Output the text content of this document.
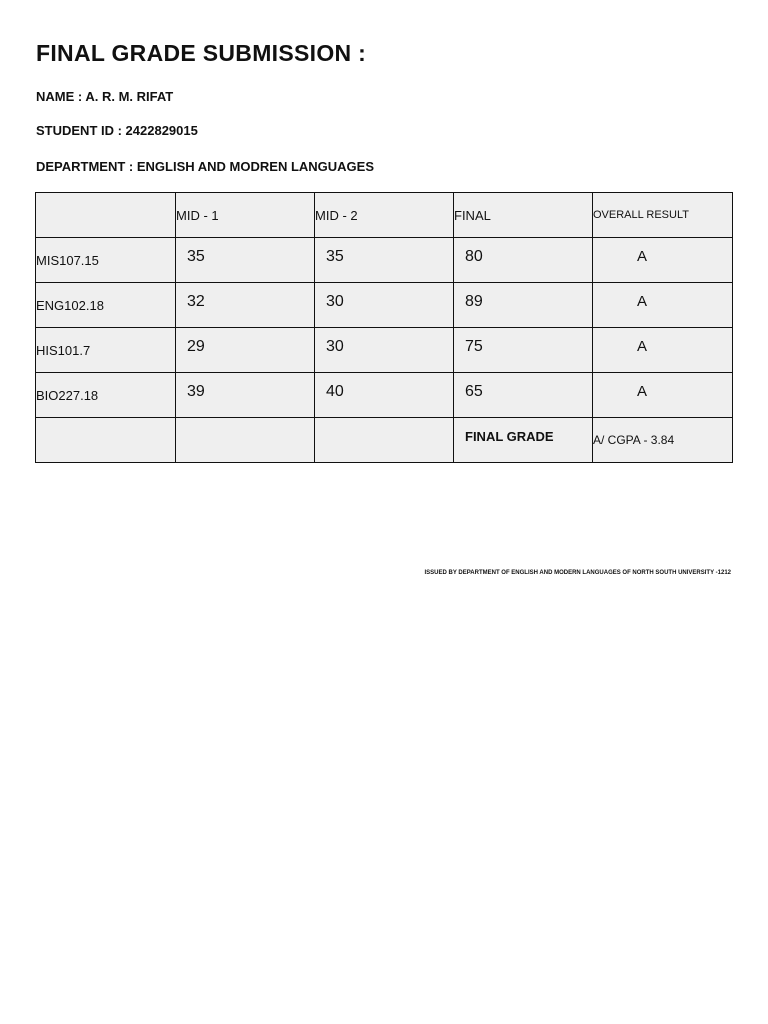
FINAL GRADE SUBMISSION :

NAME : A. R. M. RIFAT

STUDENT ID : 2422829015

DEPARTMENT : ENGLISH AND MODREN LANGUAGES

	MID - 1	MID - 2	FINAL	OVERALL RESULT
MIS107.15	35	35	80	A
ENG102.18	32	30	89	A
HIS101.7	29	30	75	A
BIO227.18	39	40	65	A
			FINAL GRADE	A/ CGPA - 3.84

ISSUED BY DEPARTMENT OF ENGLISH AND MODERN LANGUAGES OF NORTH SOUTH UNIVERSITY -1212
